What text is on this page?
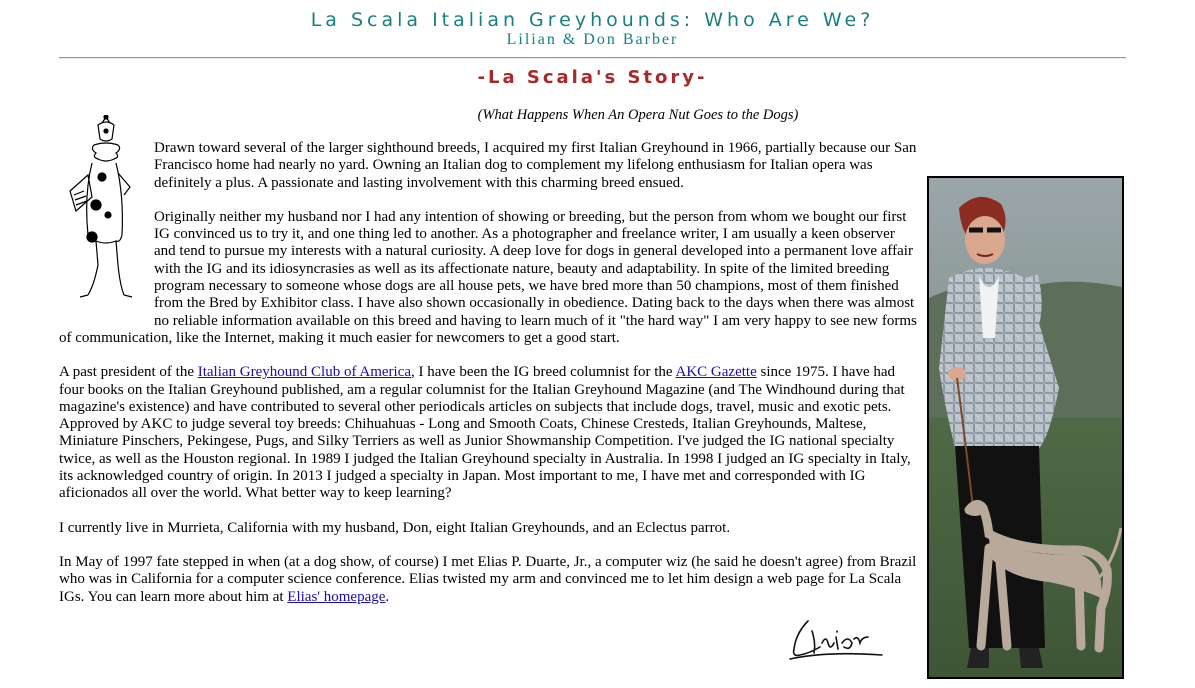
La Scala Italian Greyhounds: Who Are We?
Lilian & Don Barber
-La Scala's Story-
(What Happens When An Opera Nut Goes to the Dogs)

Drawn toward several of the larger sighthound breeds, I acquired my first Italian Greyhound in 1966, partially because our San Francisco home had nearly no yard. Owning an Italian dog to complement my lifelong enthusiasm for Italian opera was definitely a plus. A passionate and lasting involvement with this charming breed ensued.

Originally neither my husband nor I had any intention of showing or breeding, but the person from whom we bought our first IG convinced us to try it, and one thing led to another. As a photographer and freelance writer, I am usually a keen observer and tend to pursue my interests with a natural curiosity. A deep love for dogs in general developed into a permanent love affair with the IG and its idiosyncrasies as well as its affectionate nature, beauty and adaptability. In spite of the limited breeding program necessary to someone whose dogs are all house pets, we have bred more than 50 champions, most of them finished from the Bred by Exhibitor class. I have also shown occasionally in obedience. Dating back to the days when there was almost no reliable information available on this breed and having to learn much of it "the hard way" I am very happy to see new forms of communication, like the Internet, making it much easier for newcomers to get a good start.

A past president of the Italian Greyhound Club of America, I have been the IG breed columnist for the AKC Gazette since 1975. I have had four books on the Italian Greyhound published, am a regular columnist for the Italian Greyhound Magazine (and The Windhound during that magazine's existence) and have contributed to several other periodicals articles on subjects that include dogs, travel, music and exotic pets. Approved by AKC to judge several toy breeds: Chihuahuas - Long and Smooth Coats, Chinese Cresteds, Italian Greyhounds, Maltese, Miniature Pinschers, Pekingese, Pugs, and Silky Terriers as well as Junior Showmanship Competition. I've judged the IG national specialty twice, as well as the Houston regional. In 1989 I judged the Italian Greyhound specialty in Australia. In 1998 I judged an IG specialty in Italy, its acknowledged country of origin. In 2013 I judged a specialty in Japan. Most important to me, I have met and corresponded with IG aficionados all over the world. What better way to keep learning?

I currently live in Murrieta, California with my husband, Don, eight Italian Greyhounds, and an Eclectus parrot.

In May of 1997 fate stepped in when (at a dog show, of course) I met Elias P. Duarte, Jr., a computer wiz (he said he doesn't agree) from Brazil who was in California for a computer science conference. Elias twisted my arm and convinced me to let him design a web page for La Scala IGs. You can learn more about him at Elias' homepage.
